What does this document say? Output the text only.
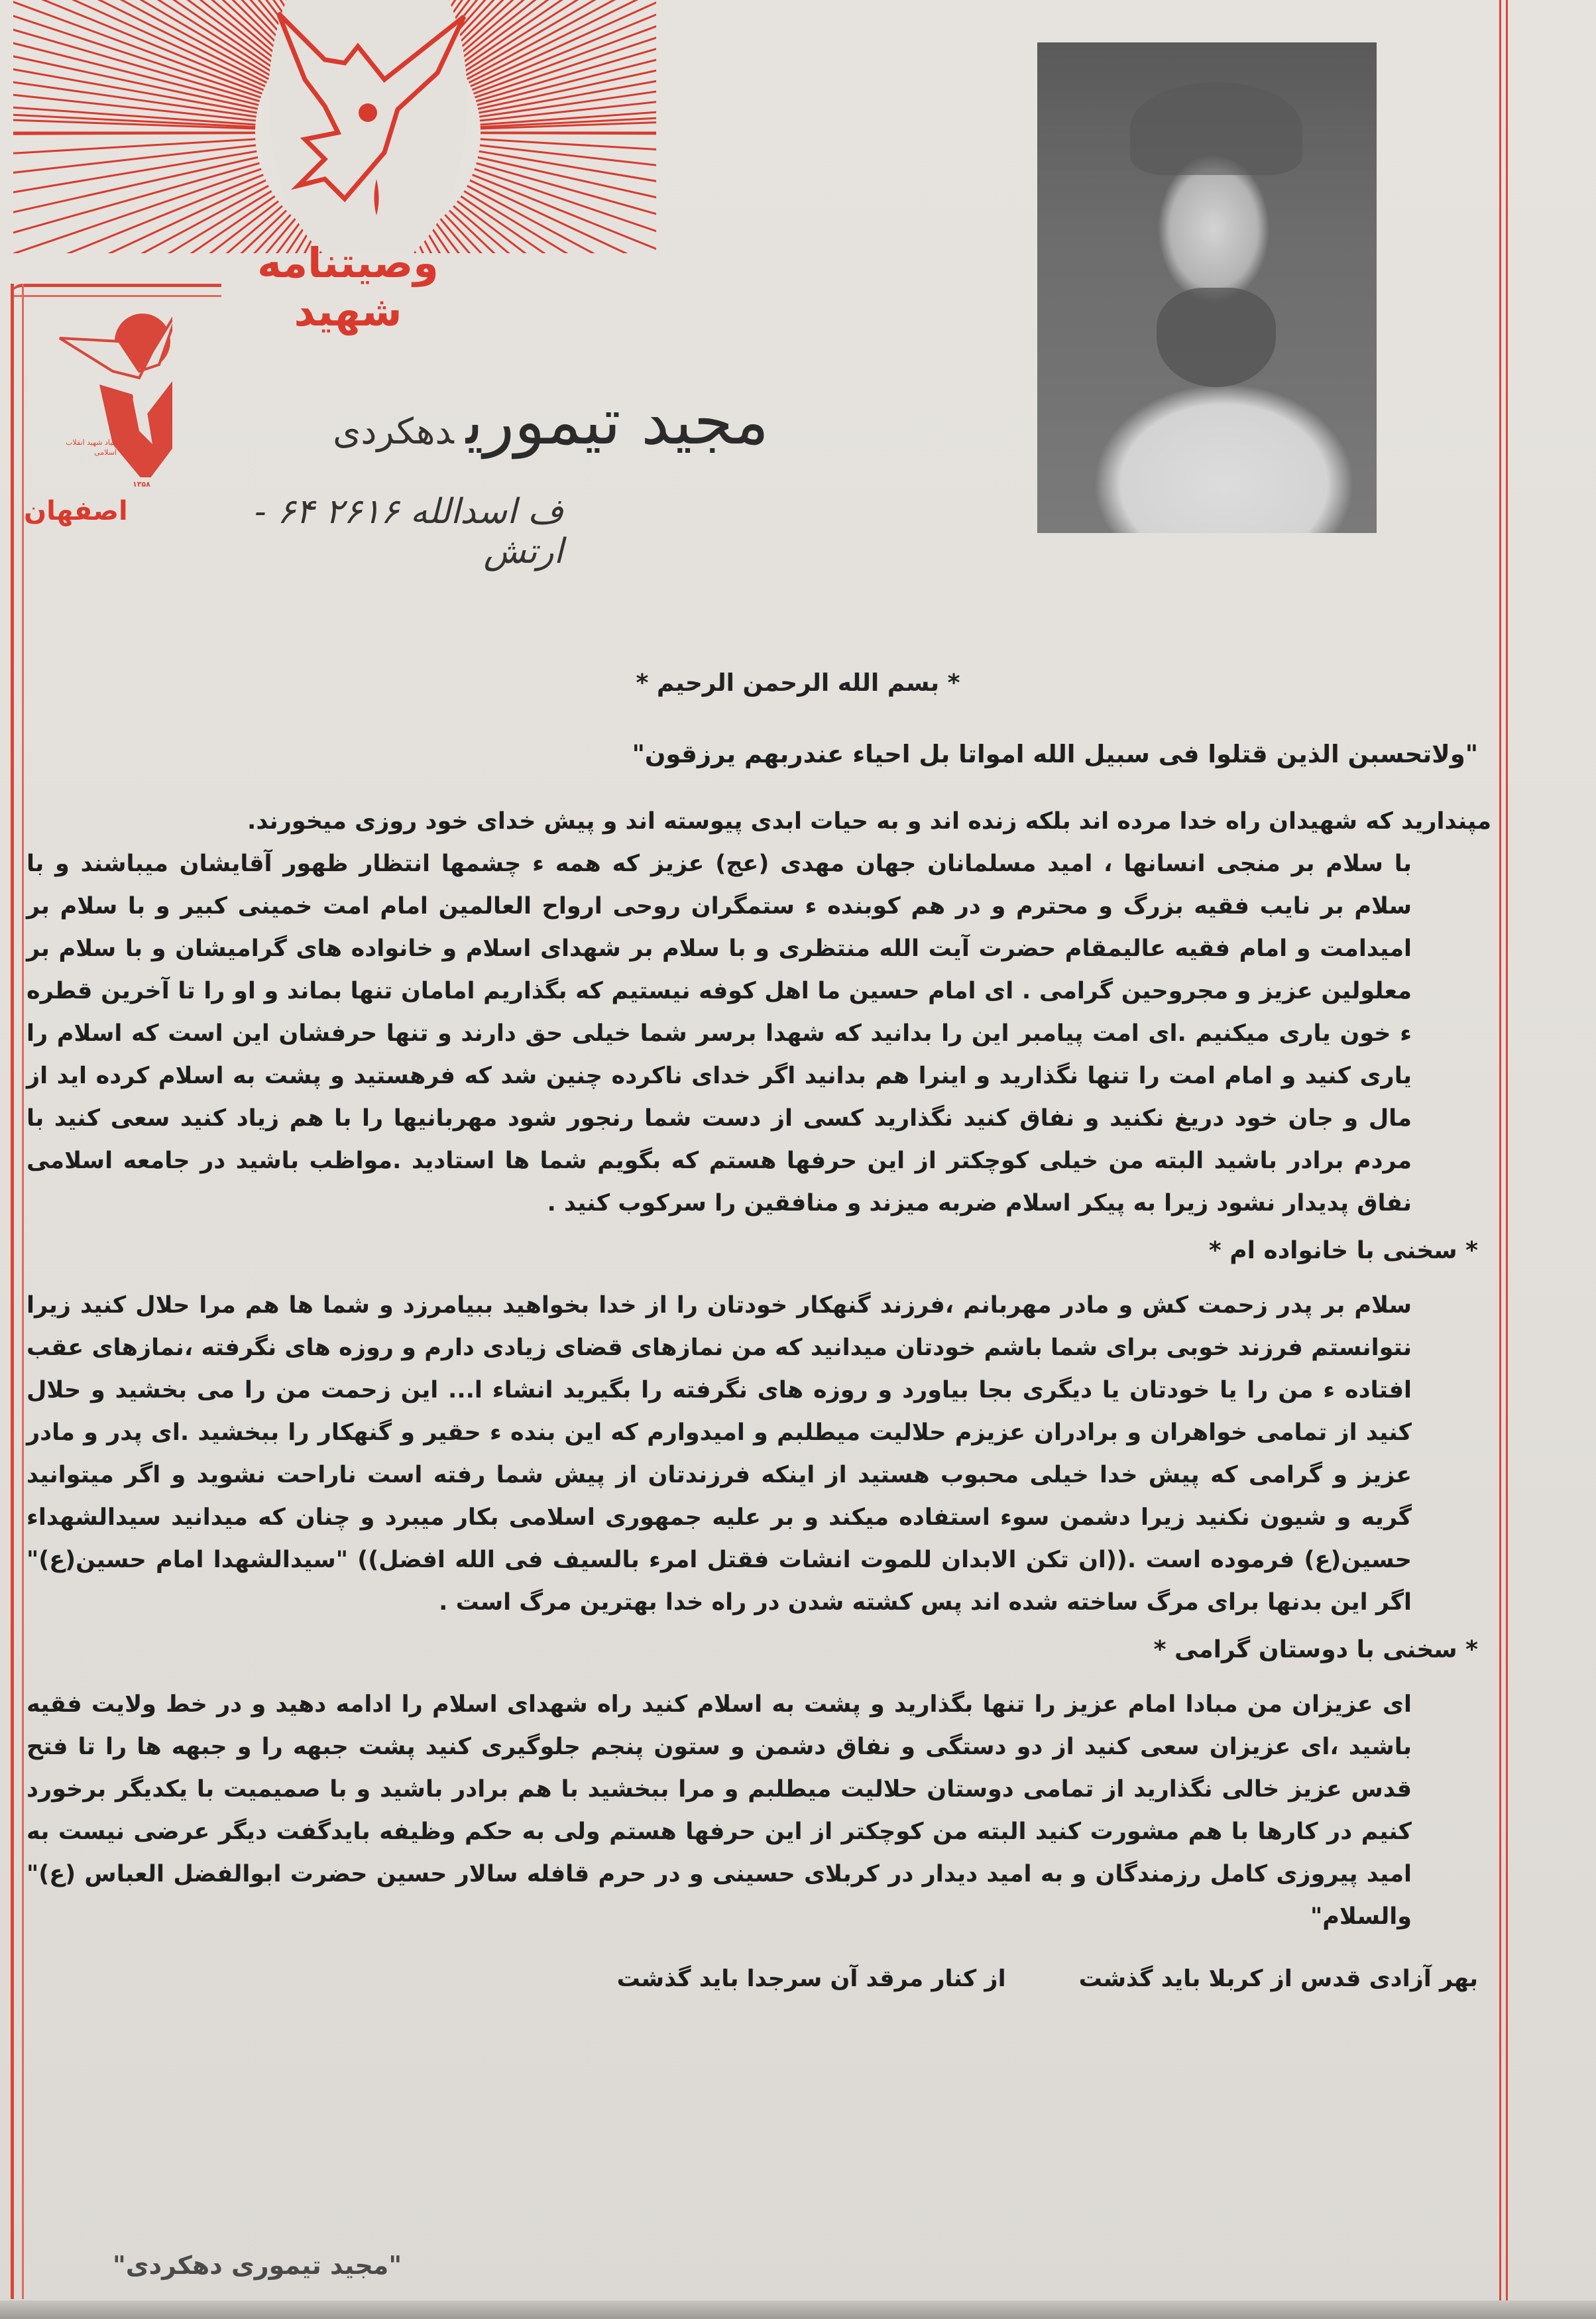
وصیتنامه شهید
بنیاد شهید انقلاب اسلامی
۱۳۵۸
اصفهان
مجید تیموریدهکردی
ف اسدالله ۲۶۱۶ ۶۴ - ارتش
* بسم الله الرحمن الرحیم *

"ولاتحسبن الذین قتلوا فی سبیل الله امواتا بل احیاء عندربهم یرزقون"

مپندارید که شهیدان راه خدا مرده اند بلکه زنده اند و به حیات ابدی پیوسته اند و پیش خدای خود روزی میخورند.

با سلام بر منجی انسانها ، امید مسلمانان جهان مهدی (عج) عزیز که همه ء چشمها انتظار ظهور آقایشان میباشند و با سلام بر نایب فقیه بزرگ و محترم و در هم کوبنده ء ستمگران روحی ارواح العالمین امام امت خمینی کبیر و با سلام بر امیدامت و امام فقیه عالیمقام حضرت آیت الله منتظری و با سلام بر شهدای اسلام و خانواده های گرامیشان و با سلام بر معلولین عزیز و مجروحین گرامی . ای امام حسین ما اهل کوفه نیستیم که بگذاریم امامان تنها بماند و او را تا آخرین قطره ء خون یاری میکنیم .ای امت پیامبر این را بدانید که شهدا برسر شما خیلی حق دارند و تنها حرفشان این است که اسلام را یاری کنید و امام امت را تنها نگذارید و اینرا هم بدانید اگر خدای ناکرده چنین شد که فرهستید و پشت به اسلام کرده اید از مال و جان خود دریغ نکنید و نفاق کنید نگذارید کسی از دست شما رنجور شود مهربانیها را با هم زیاد کنید سعی کنید با مردم برادر باشید البته من خیلی کوچکتر از این حرفها هستم که بگویم شما ها استادید .مواظب باشید در جامعه اسلامی نفاق پدیدار نشود زیرا به پیکر اسلام ضربه میزند و منافقین را سرکوب کنید .

* سخنی با خانواده ام *

سلام بر پدر زحمت کش و مادر مهربانم ،فرزند گنهکار خودتان را از خدا بخواهید ببیامرزد و شما ها هم مرا حلال کنید زیرا نتوانستم فرزند خوبی برای شما باشم خودتان میدانید که من نمازهای قضای زیادی دارم و روزه های نگرفته ،نمازهای عقب افتاده ء من را یا خودتان یا دیگری بجا بیاورد و روزه های نگرفته را بگیرید انشاء ا... این زحمت من را می بخشید و حلال کنید از تمامی خواهران و برادران عزیزم حلالیت میطلبم و امیدوارم که این بنده ء حقیر و گنهکار را ببخشید .ای پدر و مادر عزیز و گرامی که پیش خدا خیلی محبوب هستید از اینکه فرزندتان از پیش شما رفته است ناراحت نشوید و اگر میتوانید گریه و شیون نکنید زیرا دشمن سوء استفاده میکند و بر علیه جمهوری اسلامی بکار میبرد و چنان که میدانید سیدالشهداء حسین(ع) فرموده است .((ان تکن الابدان للموت انشات فقتل امرء بالسیف فی الله افضل)) "سیدالشهدا امام حسین(ع)" اگر این بدنها برای مرگ ساخته شده اند پس کشته شدن در راه خدا بهترین مرگ است .

* سخنی با دوستان گرامی *

ای عزیزان من مبادا امام عزیز را تنها بگذارید و پشت به اسلام کنید راه شهدای اسلام را ادامه دهید و در خط ولایت فقیه باشید ،ای عزیزان سعی کنید از دو دستگی و نفاق دشمن و ستون پنجم جلوگیری کنید پشت جبهه را و جبهه ها را تا فتح قدس عزیز خالی نگذارید از تمامی دوستان حلالیت میطلبم و مرا ببخشید با هم برادر باشید و با صمیمیت با یکدیگر برخورد کنیم در کارها با هم مشورت کنید البته من کوچکتر از این حرفها هستم ولی به حکم وظیفه بایدگفت دیگر عرضی نیست به امید پیروزی کامل رزمندگان و به امید دیدار در کربلای حسینی و در حرم قافله سالار حسین حضرت ابوالفضل العباس (ع)" والسلام"

بهر آزادی قدس از کربلا باید گذشت
از کنار مرقد آن سرجدا باید گذشت
"مجید تیموری دهکردی"
